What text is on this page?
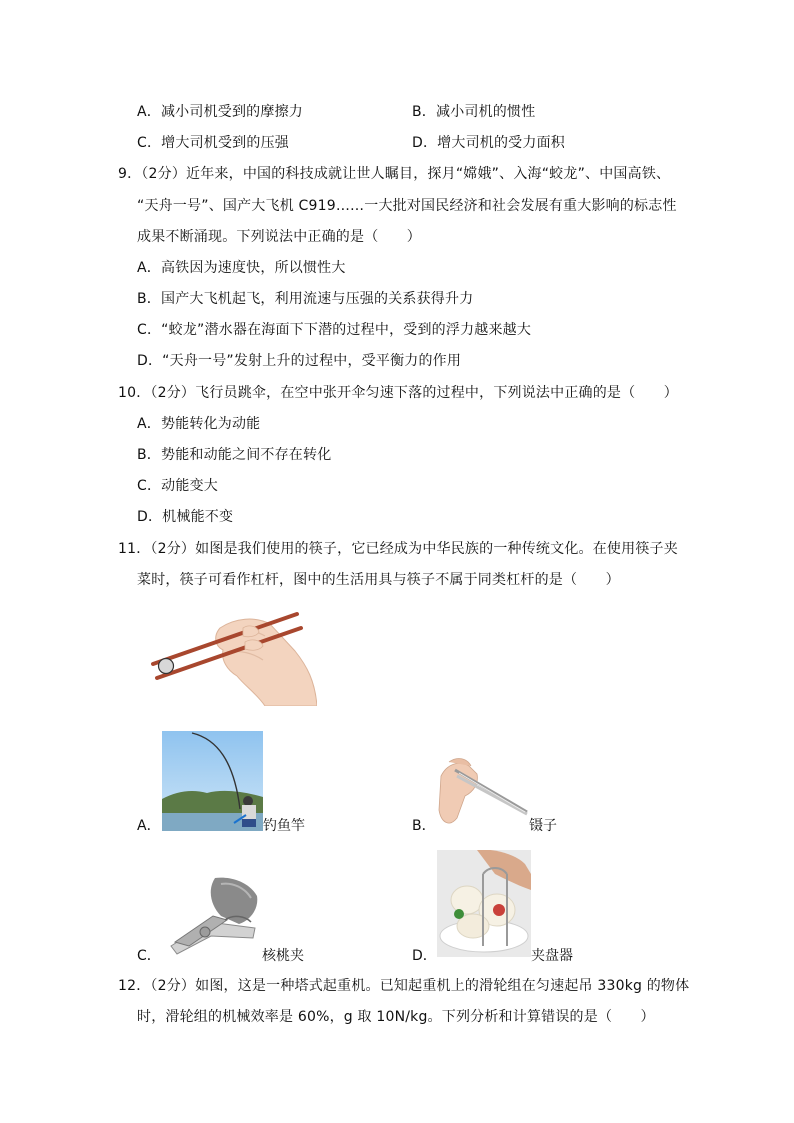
A．减小司机受到的摩擦力	B．减小司机的惯性
C．增大司机受到的压强	D．增大司机的受力面积
9．（2分）近年来，中国的科技成就让世人瞩目，探月“嫦娥”、入海“蛟龙”、中国高铁、
“天舟一号”、国产大飞机 C919……一大批对国民经济和社会发展有重大影响的标志性
成果不断涌现。下列说法中正确的是（　　）
A．高铁因为速度快，所以惯性大
B．国产大飞机起飞，利用流速与压强的关系获得升力
C．“蛟龙”潜水器在海面下下潜的过程中，受到的浮力越来越大
D．“天舟一号”发射上升的过程中，受平衡力的作用
10．（2分）飞行员跳伞，在空中张开伞匀速下落的过程中，下列说法中正确的是（　　）
A．势能转化为动能
B．势能和动能之间不存在转化
C．动能变大
D．机械能不变
11．（2分）如图是我们使用的筷子，它已经成为中华民族的一种传统文化。在使用筷子夹
菜时，筷子可看作杠杆，图中的生活用具与筷子不属于同类杠杆的是（　　）
A．	钓鱼竿	B．	镊子
C．	核桃夹	D．	夹盘器
12．（2分）如图，这是一种塔式起重机。已知起重机上的滑轮组在匀速起吊 330kg 的物体
时，滑轮组的机械效率是 60%，g 取 10N/kg。下列分析和计算错误的是（　　）
